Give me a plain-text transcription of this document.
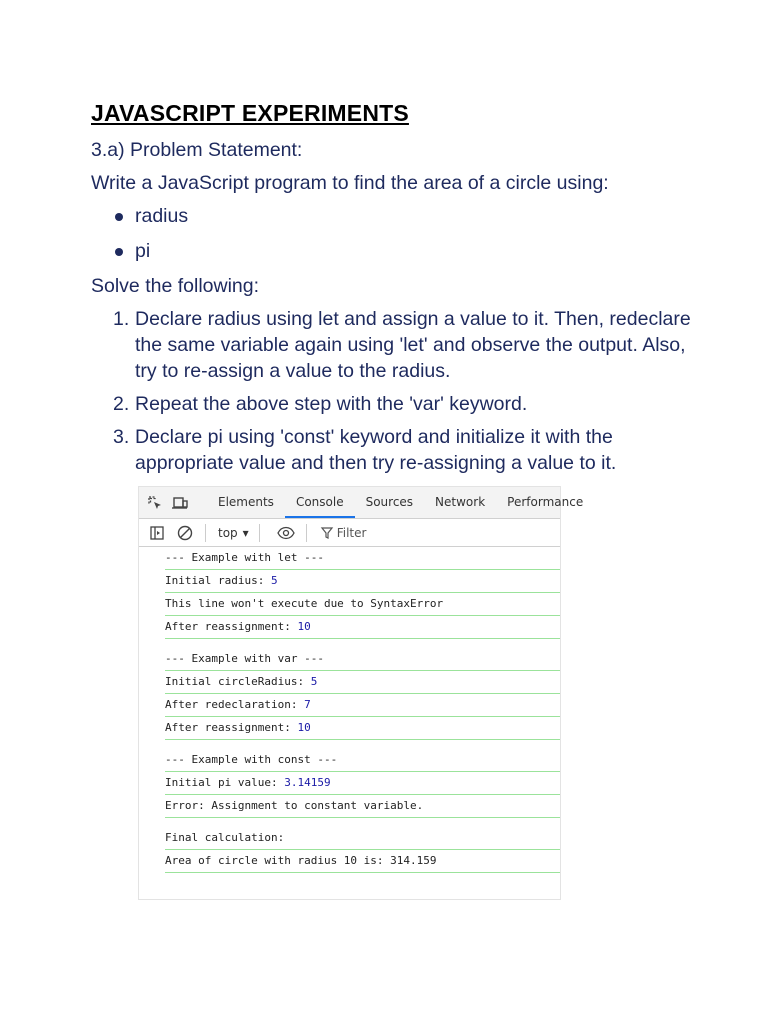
JAVASCRIPT EXPERIMENTS
3.a) Problem Statement:
Write a JavaScript program to find the area of a circle using:
radius
pi
Solve the following:
1. Declare radius using let and assign a value to it. Then, redeclare the same variable again using 'let' and observe the output. Also, try to re-assign a value to the radius.
2. Repeat the above step with the 'var' keyword.
3. Declare pi using 'const' keyword and initialize it with the appropriate value and then try re-assigning a value to it.
Elements	Console	Sources	Network	Performance
top ▾	Filter
--- Example with let ---
Initial radius: 5
This line won't execute due to SyntaxError
After reassignment: 10
--- Example with var ---
Initial circleRadius: 5
After redeclaration: 7
After reassignment: 10
--- Example with const ---
Initial pi value: 3.14159
Error: Assignment to constant variable.
Final calculation:
Area of circle with radius 10 is: 314.159
